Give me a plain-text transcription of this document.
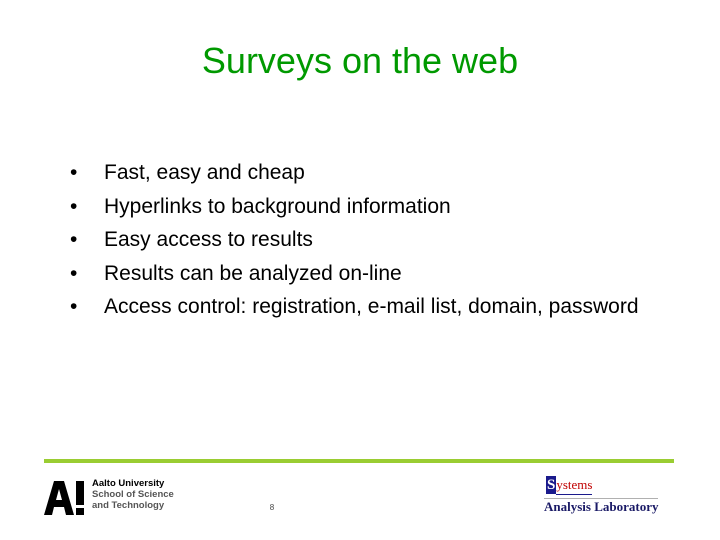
Surveys on the web
•	Fast, easy and cheap
•	Hyperlinks to background information
•	Easy access to results
•	Results can be analyzed on-line
•	Access control: registration, e-mail list, domain, password
Aalto University
School of Science
and Technology	8
Systems
Analysis Laboratory
